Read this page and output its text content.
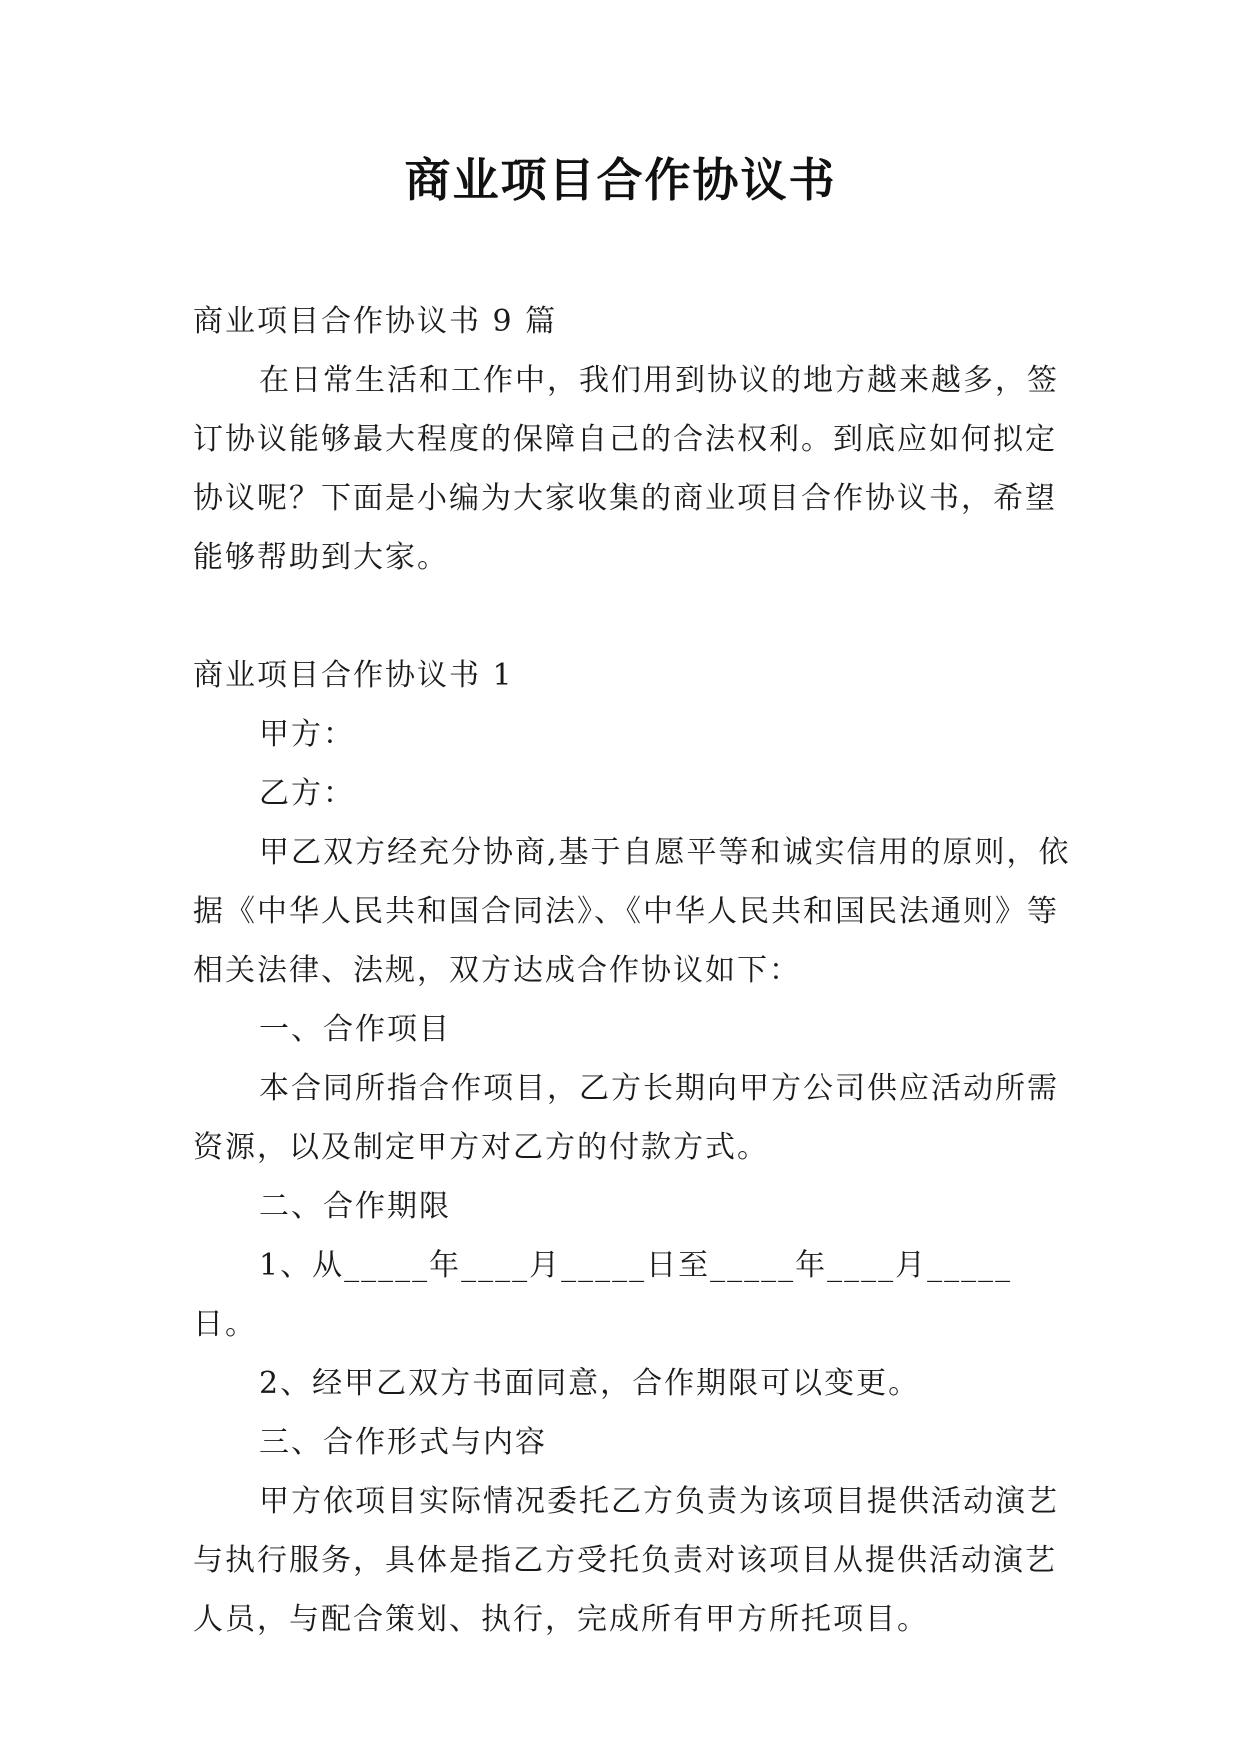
商业项目合作协议书

商业项目合作协议书 9 篇

在日常生活和工作中，我们用到协议的地方越来越多，签订协议能够最大程度的保障自己的合法权利。到底应如何拟定协议呢？下面是小编为大家收集的商业项目合作协议书，希望能够帮助到大家。

商业项目合作协议书 1

甲方：

乙方：

甲乙双方经充分协商,基于自愿平等和诚实信用的原则，依据《中华人民共和国合同法》、《中华人民共和国民法通则》等相关法律、法规，双方达成合作协议如下：

一、合作项目

本合同所指合作项目，乙方长期向甲方公司供应活动所需资源，以及制定甲方对乙方的付款方式。

二、合作期限

1、从_____年____月_____日至_____年____月_____日。

2、经甲乙双方书面同意，合作期限可以变更。

三、合作形式与内容

甲方依项目实际情况委托乙方负责为该项目提供活动演艺与执行服务，具体是指乙方受托负责对该项目从提供活动演艺人员，与配合策划、执行，完成所有甲方所托项目。
